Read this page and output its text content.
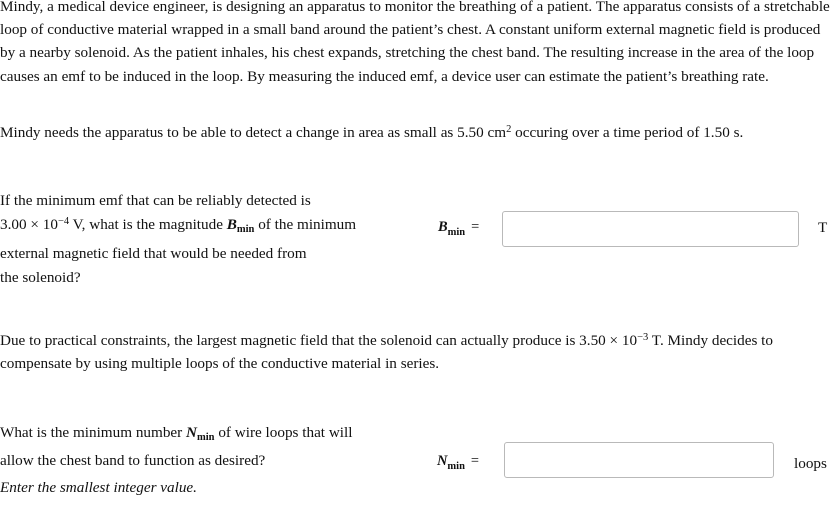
Mindy, a medical device engineer, is designing an apparatus to monitor the breathing of a patient. The apparatus consists of a stretchable loop of conductive material wrapped in a small band around the patient’s chest. A constant uniform external magnetic field is produced by a nearby solenoid. As the patient inhales, his chest expands, stretching the chest band. The resulting increase in the area of the loop causes an emf to be induced in the loop. By measuring the induced emf, a device user can estimate the patient’s breathing rate.

Mindy needs the apparatus to be able to detect a change in area as small as 5.50 $cm^2$ occuring over a time period of 1.50 s.

If the minimum emf that can be reliably detected is
$3.00 \times 10^{-4}$ V, what is the magnitude Bmin of the minimum
external magnetic field that would be needed from
the solenoid?
$B_{min}$ =	T

Due to practical constraints, the largest magnetic field that the solenoid can actually produce is $3.50 \times 10^{-3}$ T. Mindy decides to compensate by using multiple loops of the conductive material in series.

What is the minimum number Nmin of wire loops that will
allow the chest band to function as desired?
Enter the smallest integer value.
$N_{min}$ =	loops
